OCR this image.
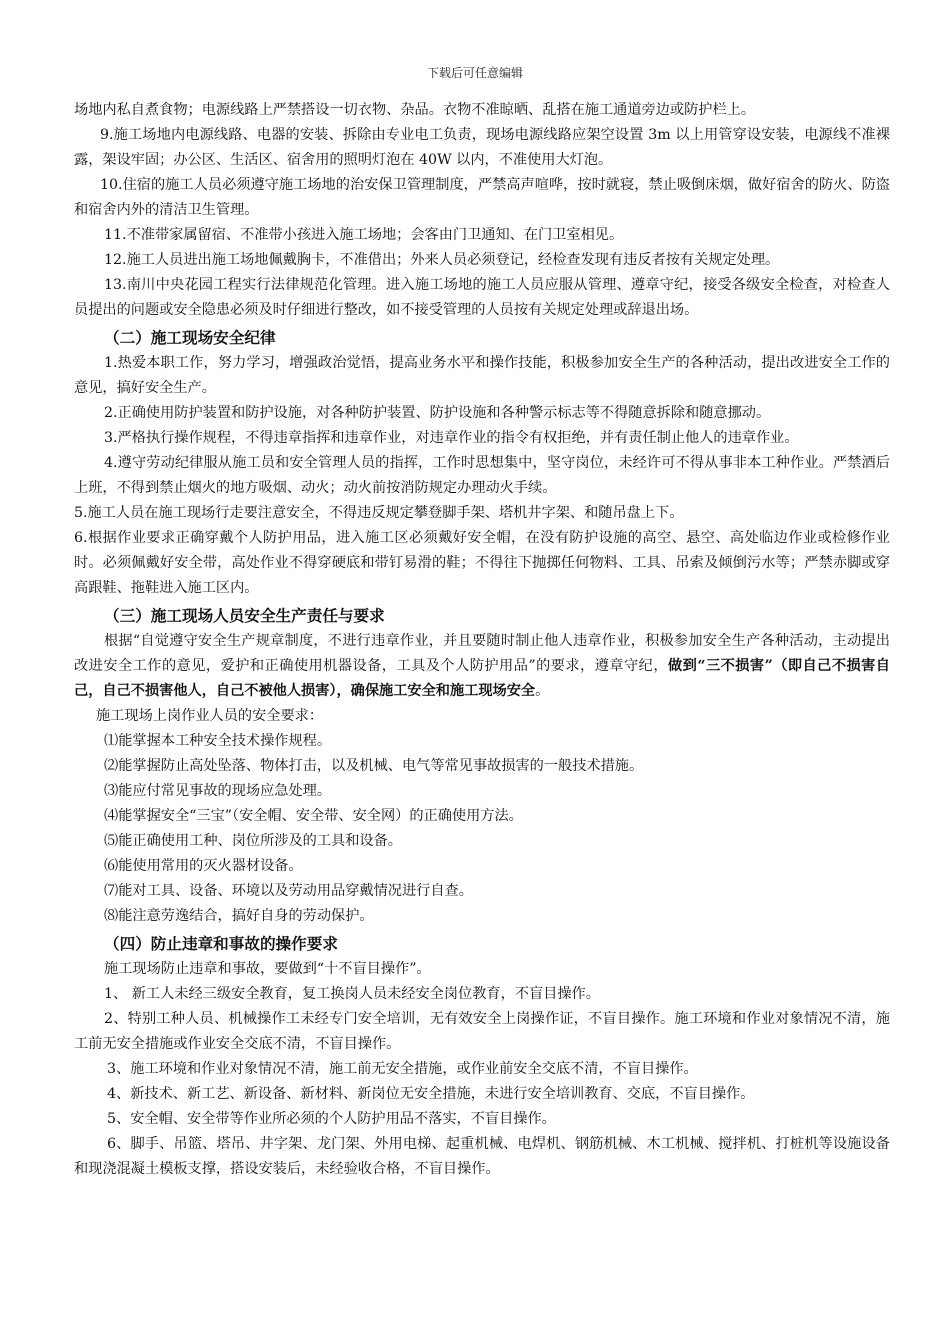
下载后可任意编辑

场地内私自煮食物；电源线路上严禁搭设一切衣物、杂品。衣物不准晾晒、乱搭在施工通道旁边或防护栏上。

9.施工场地内电源线路、电器的安装、拆除由专业电工负责，现场电源线路应架空设置 3m 以上用管穿设安装，电源线不准裸露，架设牢固；办公区、生活区、宿舍用的照明灯泡在 40W 以内，不准使用大灯泡。

10.住宿的施工人员必须遵守施工场地的治安保卫管理制度，严禁高声喧哗，按时就寝，禁止吸倒床烟，做好宿舍的防火、防盗和宿舍内外的清洁卫生管理。

11.不准带家属留宿、不准带小孩进入施工场地；会客由门卫通知、在门卫室相见。

12.施工人员进出施工场地佩戴胸卡，不准借出；外来人员必须登记，经检查发现有违反者按有关规定处理。

13.南川中央花园工程实行法律规范化管理。进入施工场地的施工人员应服从管理、遵章守纪，接受各级安全检查，对检查人员提出的问题或安全隐患必须及时仔细进行整改，如不接受管理的人员按有关规定处理或辞退出场。

（二）施工现场安全纪律

1.热爱本职工作，努力学习，增强政治觉悟，提高业务水平和操作技能，积极参加安全生产的各种活动，提出改进安全工作的意见，搞好安全生产。

2.正确使用防护装置和防护设施，对各种防护装置、防护设施和各种警示标志等不得随意拆除和随意挪动。

3.严格执行操作规程，不得违章指挥和违章作业，对违章作业的指令有权拒绝，并有责任制止他人的违章作业。

4.遵守劳动纪律服从施工员和安全管理人员的指挥，工作时思想集中，坚守岗位，未经许可不得从事非本工种作业。严禁酒后上班，不得到禁止烟火的地方吸烟、动火；动火前按消防规定办理动火手续。

5.施工人员在施工现场行走要注意安全，不得违反规定攀登脚手架、塔机井字架、和随吊盘上下。

6.根据作业要求正确穿戴个人防护用品，进入施工区必须戴好安全帽，在没有防护设施的高空、悬空、高处临边作业或检修作业时。必须佩戴好安全带，高处作业不得穿硬底和带钉易滑的鞋；不得往下抛掷任何物料、工具、吊索及倾倒污水等；严禁赤脚或穿高跟鞋、拖鞋进入施工区内。

（三）施工现场人员安全生产责任与要求

根据“自觉遵守安全生产规章制度，不进行违章作业，并且要随时制止他人违章作业，积极参加安全生产各种活动，主动提出改进安全工作的意见，爱护和正确使用机器设备，工具及个人防护用品”的要求，遵章守纪，做到“三不损害”（即自己不损害自己，自己不损害他人，自己不被他人损害），确保施工安全和施工现场安全。

施工现场上岗作业人员的安全要求：

⑴能掌握本工种安全技术操作规程。
⑵能掌握防止高处坠落、物体打击，以及机械、电气等常见事故损害的一般技术措施。
⑶能应付常见事故的现场应急处理。
⑷能掌握安全“三宝”（安全帽、安全带、安全网）的正确使用方法。
⑸能正确使用工种、岗位所涉及的工具和设备。
⑹能使用常用的灭火器材设备。
⑺能对工具、设备、环境以及劳动用品穿戴情况进行自查。
⑻能注意劳逸结合，搞好自身的劳动保护。
（四）防止违章和事故的操作要求

施工现场防止违章和事故，要做到“十不盲目操作”。

1、 新工人未经三级安全教育，复工换岗人员未经安全岗位教育，不盲目操作。

2、特别工种人员、机械操作工未经专门安全培训，无有效安全上岗操作证，不盲目操作。施工环境和作业对象情况不清，施工前无安全措施或作业安全交底不清，不盲目操作。

3、施工环境和作业对象情况不清，施工前无安全措施，或作业前安全交底不清，不盲目操作。

4、新技术、新工艺、新设备、新材料、新岗位无安全措施，未进行安全培训教育、交底，不盲目操作。

5、安全帽、安全带等作业所必须的个人防护用品不落实，不盲目操作。

6、脚手、吊篮、塔吊、井字架、龙门架、外用电梯、起重机械、电焊机、钢筋机械、木工机械、搅拌机、打桩机等设施设备和现浇混凝土模板支撑，搭设安装后，未经验收合格，不盲目操作。
